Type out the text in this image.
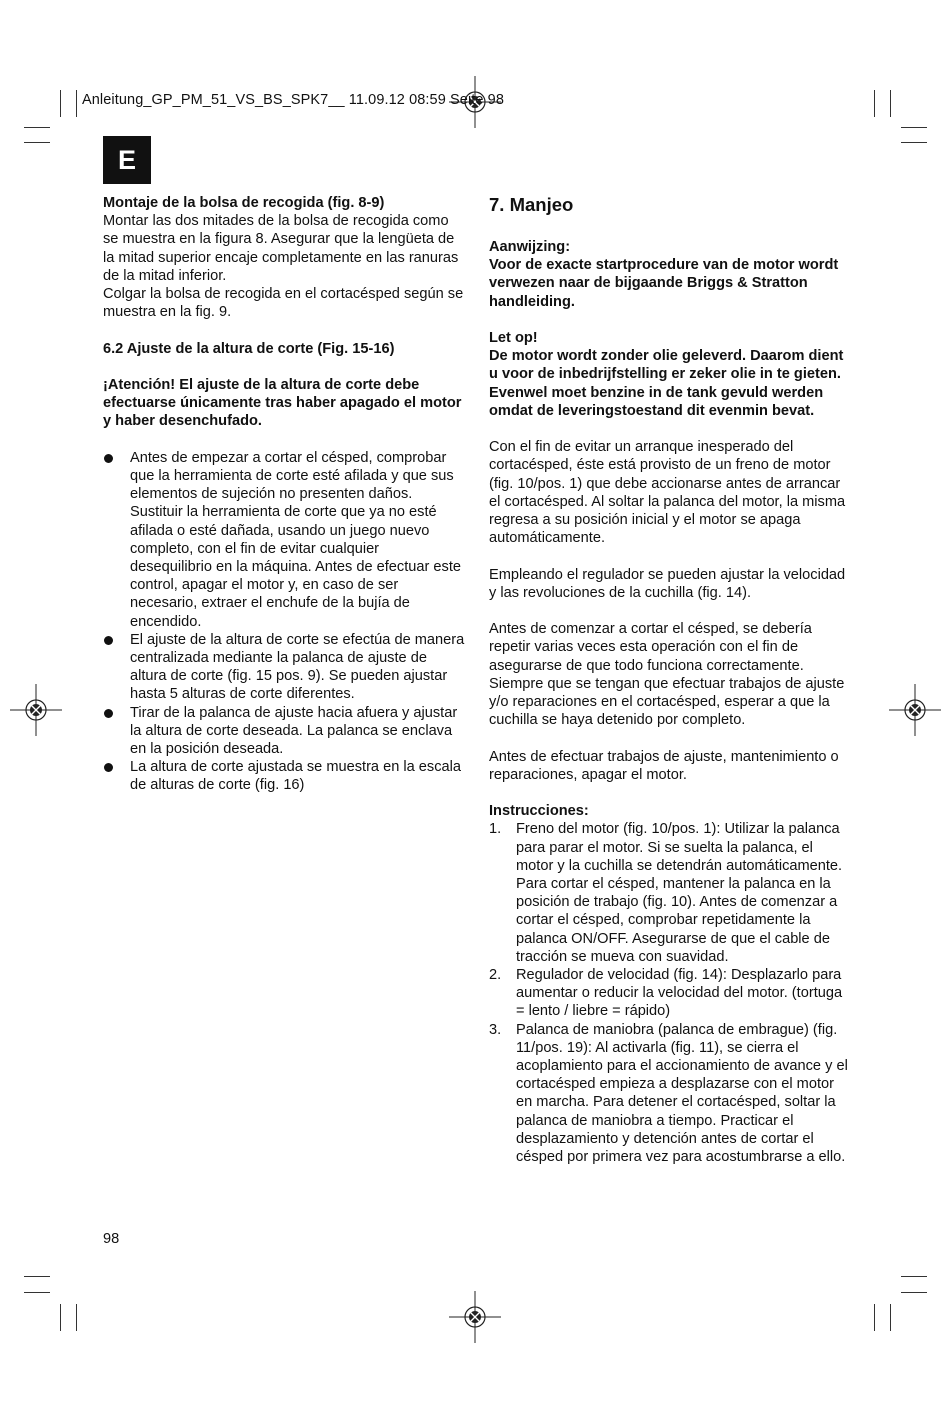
Anleitung_GP_PM_51_VS_BS_SPK7__ 11.09.12 08:59 Seite 98
E

Montaje de la bolsa de recogida (fig. 8-9)

Montar las dos mitades de la bolsa de recogida como se muestra en la figura 8. Asegurar que la lengüeta de la mitad superior encaje completamente en las ranuras de la mitad inferior.

Colgar la bolsa de recogida en el cortacésped según se muestra en la fig. 9.

6.2 Ajuste de la altura de corte (Fig. 15-16)

¡Atención! El ajuste de la altura de corte debe efectuarse únicamente tras haber apagado el motor y haber desenchufado.

Antes de empezar a cortar el césped, comprobar que la herramienta de corte esté afilada y que sus elementos de sujeción no presenten daños. Sustituir la herramienta de corte que ya no esté afilada o esté dañada, usando un juego nuevo completo, con el fin de evitar cualquier desequilibrio en la máquina. Antes de efectuar este control, apagar el motor y, en caso de ser necesario, extraer el enchufe de la bujía de encendido.
El ajuste de la altura de corte se efectúa de manera centralizada mediante la palanca de ajuste de altura de corte (fig. 15 pos. 9). Se pueden ajustar hasta 5 alturas de corte diferentes.
Tirar de la palanca de ajuste hacia afuera y ajustar la altura de corte deseada. La palanca se enclava en la posición deseada.
La altura de corte ajustada se muestra en la escala de alturas de corte (fig. 16)

7. Manjeo

Aanwijzing:

Voor de exacte startprocedure van de motor wordt verwezen naar de bijgaande Briggs & Stratton handleiding.

Let op!

De motor wordt zonder olie geleverd. Daarom dient u voor de inbedrijfstelling er zeker olie in te gieten. Evenwel moet benzine in de tank gevuld werden omdat de leveringstoestand dit evenmin bevat.

Con el fin de evitar un arranque inesperado del cortacésped, éste está provisto de un freno de motor (fig. 10/pos. 1) que debe accionarse antes de arrancar el cortacésped. Al soltar la palanca del motor, la misma regresa a su posición inicial y el motor se apaga automáticamente.

Empleando el regulador se pueden ajustar la velocidad y las revoluciones de la cuchilla (fig. 14).

Antes de comenzar a cortar el césped, se debería repetir varias veces esta operación con el fin de asegurarse de que todo funciona correctamente. Siempre que se tengan que efectuar trabajos de ajuste y/o reparaciones en el cortacésped, esperar a que la cuchilla se haya detenido por completo.

Antes de efectuar trabajos de ajuste, mantenimiento o reparaciones, apagar el motor.

Instrucciones:

1. Freno del motor (fig. 10/pos. 1): Utilizar la palanca para parar el motor. Si se suelta la palanca, el motor y la cuchilla se detendrán automáticamente. Para cortar el césped, mantener la palanca en la posición de trabajo (fig. 10). Antes de comenzar a cortar el césped, comprobar repetidamente la palanca ON/OFF. Asegurarse de que el cable de tracción se mueva con suavidad.
2. Regulador de velocidad (fig. 14): Desplazarlo para aumentar o reducir la velocidad del motor. (tortuga = lento / liebre = rápido)
3. Palanca de maniobra (palanca de embrague) (fig. 11/pos. 19): Al activarla (fig. 11), se cierra el acoplamiento para el accionamiento de avance y el cortacésped empieza a desplazarse con el motor en marcha. Para detener el cortacésped, soltar la palanca de maniobra a tiempo. Practicar el desplazamiento y detención antes de cortar el césped por primera vez para acostumbrarse a ello.
98
